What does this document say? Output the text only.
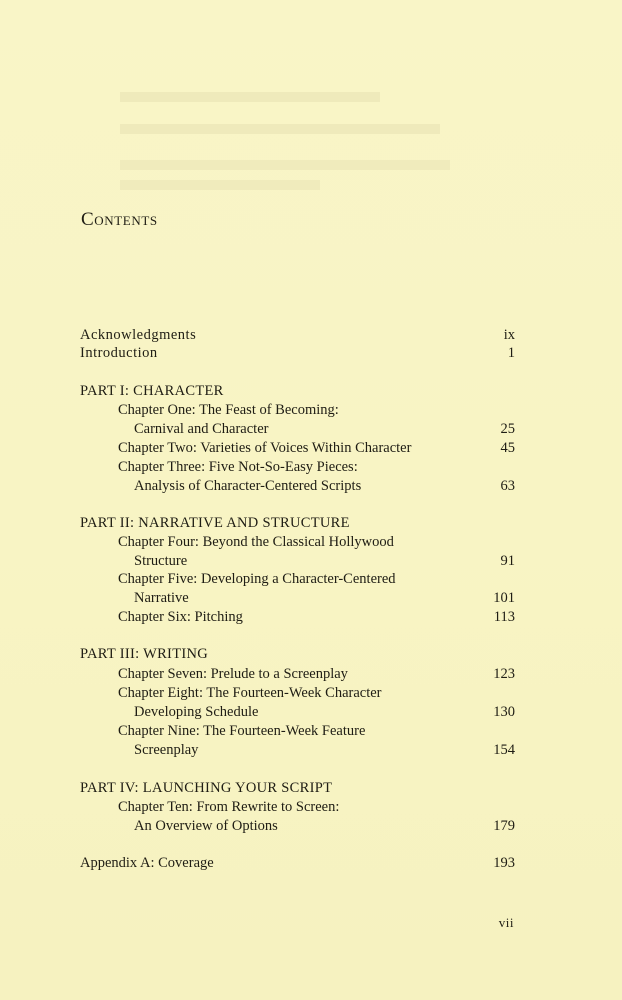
Contents
Acknowledgments	ix
Introduction	1
PART I: CHARACTER
Chapter One: The Feast of Becoming:
Carnival and Character	25
Chapter Two: Varieties of Voices Within Character	45
Chapter Three: Five Not-So-Easy Pieces:
Analysis of Character-Centered Scripts	63
PART II: NARRATIVE AND STRUCTURE
Chapter Four: Beyond the Classical Hollywood
Structure	91
Chapter Five: Developing a Character-Centered
Narrative	101
Chapter Six: Pitching	113
PART III: WRITING
Chapter Seven: Prelude to a Screenplay	123
Chapter Eight: The Fourteen-Week Character
Developing Schedule	130
Chapter Nine: The Fourteen-Week Feature
Screenplay	154
PART IV: LAUNCHING YOUR SCRIPT
Chapter Ten: From Rewrite to Screen:
An Overview of Options	179
Appendix A: Coverage	193
vii
